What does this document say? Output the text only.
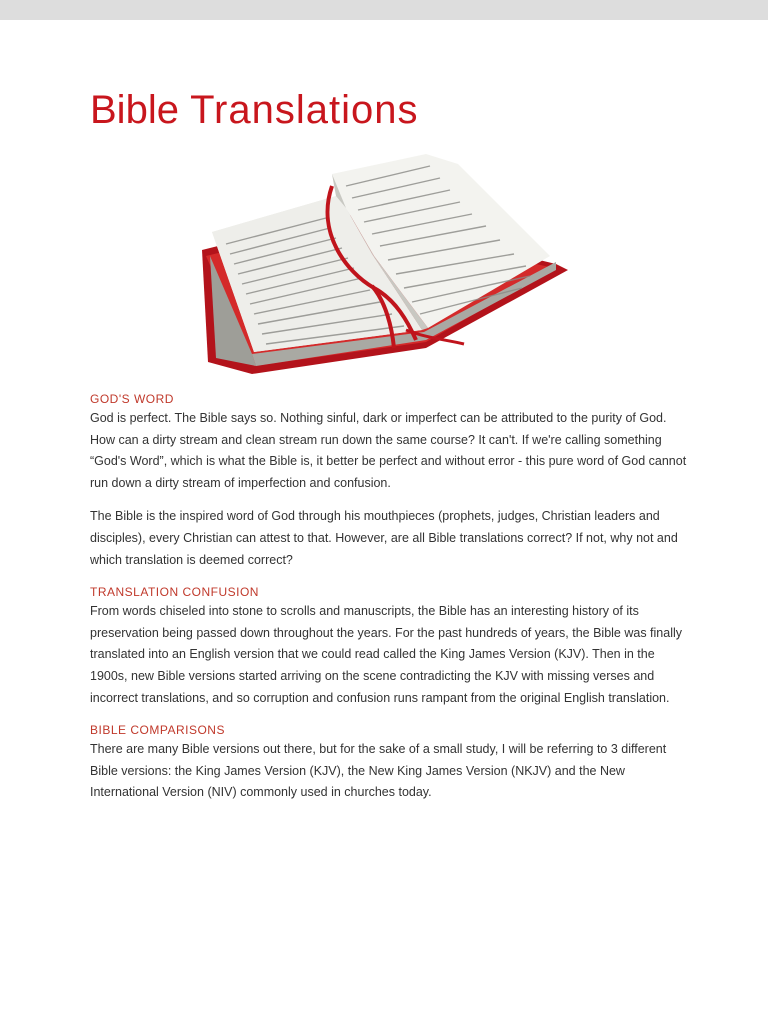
Bible Translations
GOD'S WORD

God is perfect. The Bible says so. Nothing sinful, dark or imperfect can be attributed to the purity of God. How can a dirty stream and clean stream run down the same course? It can't. If we're calling something “God's Word”, which is what the Bible is, it better be perfect and without error - this pure word of God cannot run down a dirty stream of imperfection and confusion.

The Bible is the inspired word of God through his mouthpieces (prophets, judges, Christian leaders and disciples), every Christian can attest to that. However, are all Bible translations correct? If not, why not and which translation is deemed correct?

TRANSLATION CONFUSION

From words chiseled into stone to scrolls and manuscripts, the Bible has an interesting history of its preservation being passed down throughout the years. For the past hundreds of years, the Bible was finally translated into an English version that we could read called the King James Version (KJV). Then in the 1900s, new Bible versions started arriving on the scene contradicting the KJV with missing verses and incorrect translations, and so corruption and confusion runs rampant from the original English translation.

BIBLE COMPARISONS

There are many Bible versions out there, but for the sake of a small study, I will be referring to 3 different Bible versions: the King James Version (KJV), the New King James Version (NKJV) and the New International Version (NIV) commonly used in churches today.
